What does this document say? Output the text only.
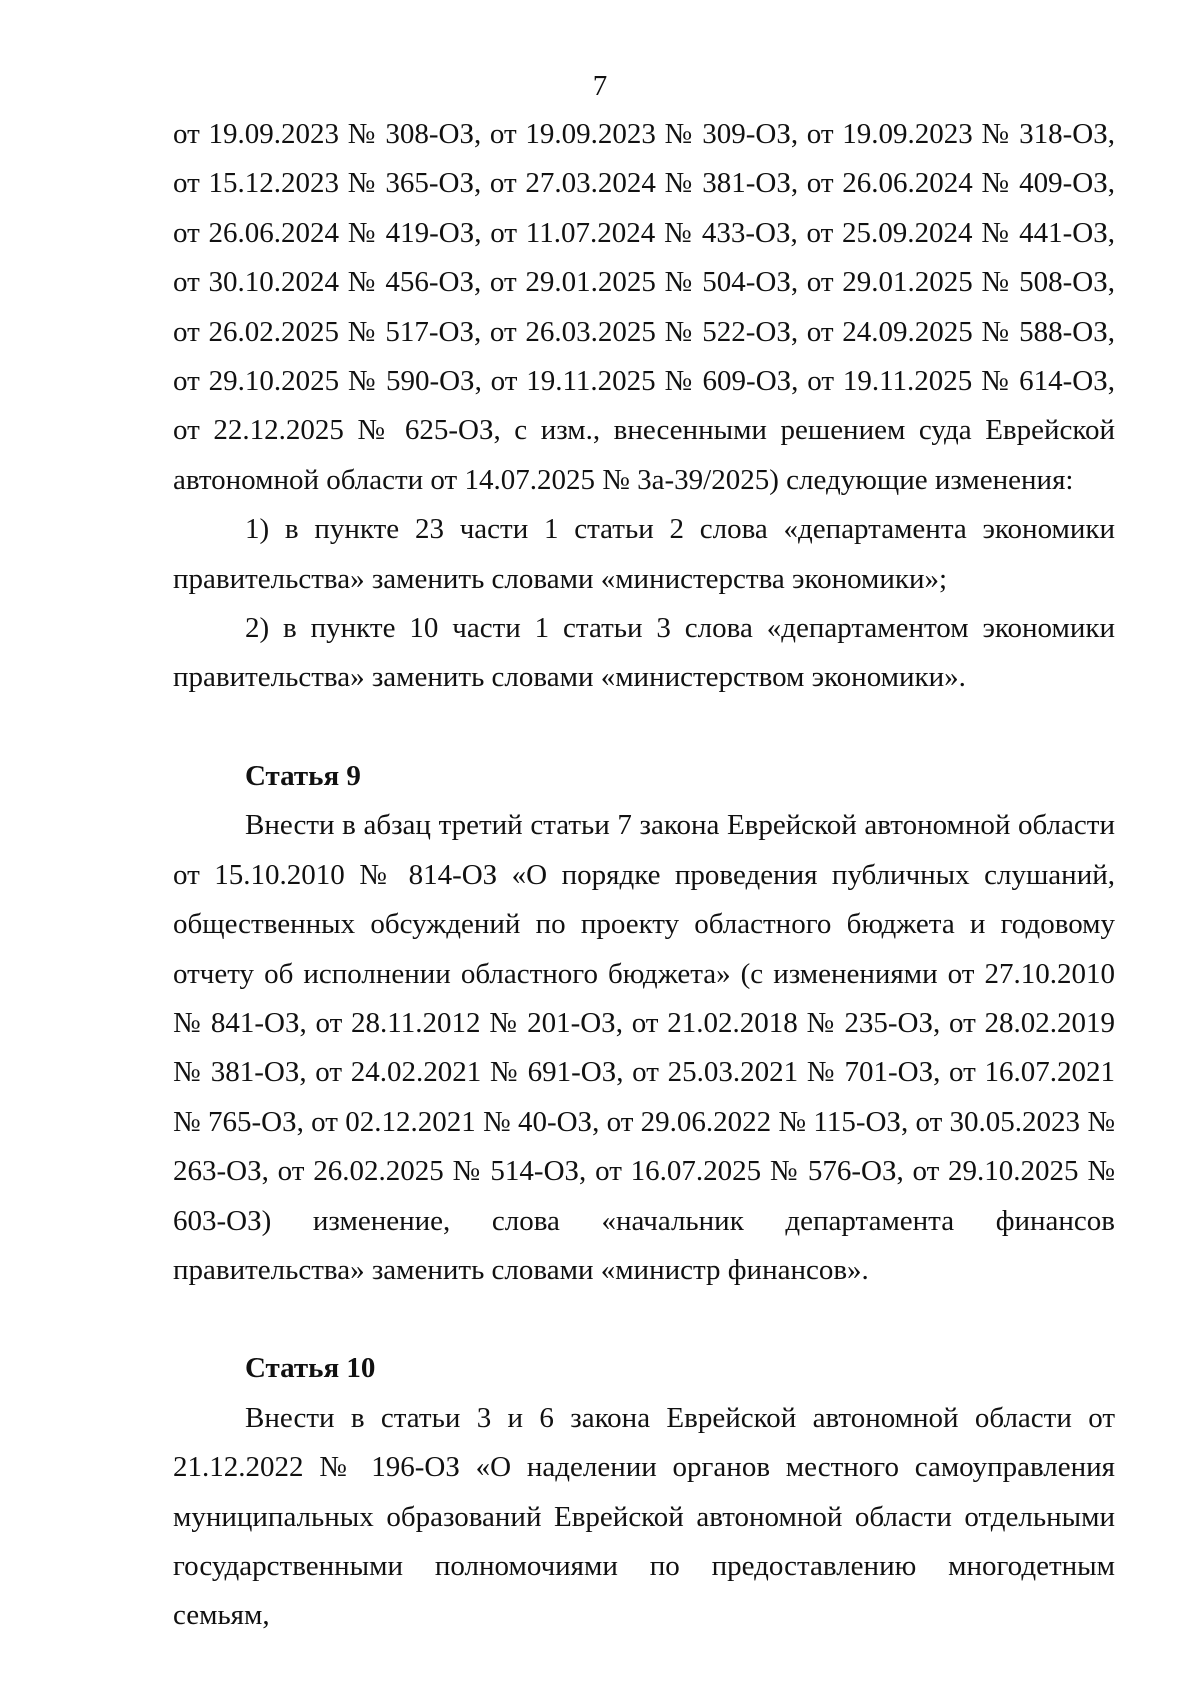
7

от 19.09.2023 № 308-ОЗ, от 19.09.2023 № 309-ОЗ, от 19.09.2023 № 318-ОЗ, от 15.12.2023 № 365-ОЗ, от 27.03.2024 № 381-ОЗ, от 26.06.2024 № 409-ОЗ, от 26.06.2024 № 419-ОЗ, от 11.07.2024 № 433-ОЗ, от 25.09.2024 № 441-ОЗ, от 30.10.2024 № 456-ОЗ, от 29.01.2025 № 504-ОЗ, от 29.01.2025 № 508-ОЗ, от 26.02.2025 № 517-ОЗ, от 26.03.2025 № 522-ОЗ, от 24.09.2025 № 588-ОЗ, от 29.10.2025 № 590-ОЗ, от 19.11.2025 № 609-ОЗ, от 19.11.2025 № 614-ОЗ, от 22.12.2025 № 625-ОЗ, с изм., внесенными решением суда Еврейской автономной области от 14.07.2025 № 3а-39/2025) следующие изменения:

1) в пункте 23 части 1 статьи 2 слова «департамента экономики правительства» заменить словами «министерства экономики»;

2) в пункте 10 части 1 статьи 3 слова «департаментом экономики правительства» заменить словами «министерством экономики».

Статья 9

Внести в абзац третий статьи 7 закона Еврейской автономной области от 15.10.2010 № 814-ОЗ «О порядке проведения публичных слушаний, общественных обсуждений по проекту областного бюджета и годовому отчету об исполнении областного бюджета» (с изменениями от 27.10.2010 № 841-ОЗ, от 28.11.2012 № 201-ОЗ, от 21.02.2018 № 235-ОЗ, от 28.02.2019 № 381-ОЗ, от 24.02.2021 № 691-ОЗ, от 25.03.2021 № 701-ОЗ, от 16.07.2021 № 765-ОЗ, от 02.12.2021 № 40-ОЗ, от 29.06.2022 № 115-ОЗ, от 30.05.2023 № 263-ОЗ, от 26.02.2025 № 514-ОЗ, от 16.07.2025 № 576-ОЗ, от 29.10.2025 № 603-ОЗ) изменение, слова «начальник департамента финансов правительства» заменить словами «министр финансов».

Статья 10

Внести в статьи 3 и 6 закона Еврейской автономной области от 21.12.2022 № 196-ОЗ «О наделении органов местного самоуправления муниципальных образований Еврейской автономной области отдельными государственными полномочиями по предоставлению многодетным семьям,
